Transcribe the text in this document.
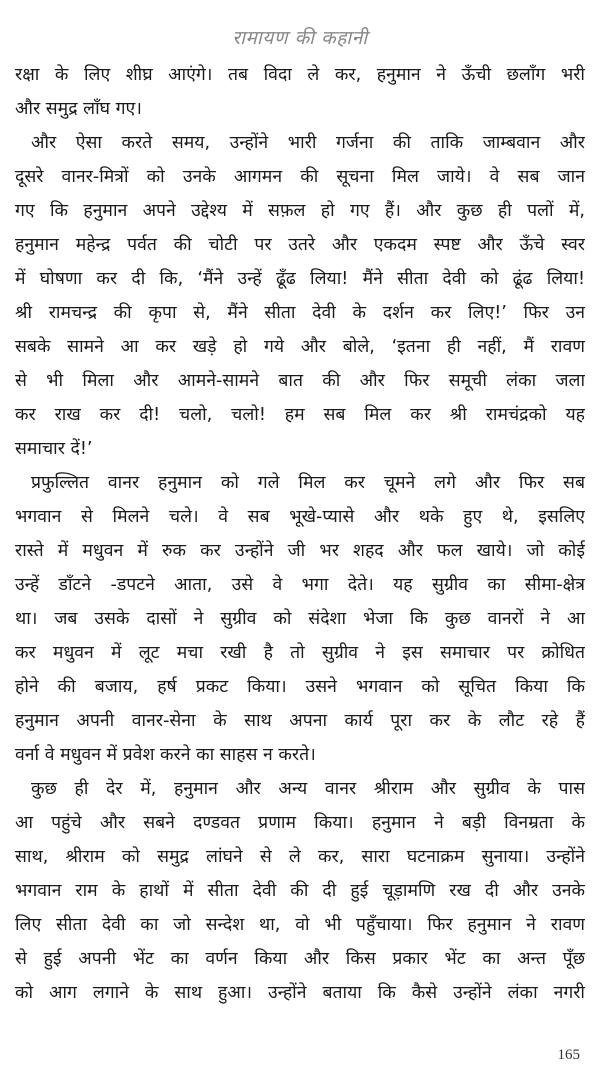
रामायण की कहानी
रक्षा के लिए शीघ्र आएंगे। तब विदा ले कर, हनुमान ने ऊँची छलाँग भरी
और समुद्र लाँघ गए।
और ऐसा करते समय, उन्होंने भारी गर्जना की ताकि जाम्बवान और
दूसरे वानर-मित्रों को उनके आगमन की सूचना मिल जाये। वे सब जान
गए कि हनुमान अपने उद्देश्य में सफ़ल हो गए हैं। और कुछ ही पलों में,
हनुमान महेन्द्र पर्वत की चोटी पर उतरे और एकदम स्पष्ट और ऊँचे स्वर
में घोषणा कर दी कि, ‘मैंने उन्हें ढूँढ लिया! मैंने सीता देवी को ढूंढ लिया!
श्री रामचन्द्र की कृपा से, मैंने सीता देवी के दर्शन कर लिए!’ फिर उन
सबके सामने आ कर खड़े हो गये और बोले, ‘इतना ही नहीं, मैं रावण
से भी मिला और आमने-सामने बात की और फिर समूची लंका जला
कर राख कर दी! चलो, चलो! हम सब मिल कर श्री रामचंद्रको यह
समाचार दें!’
प्रफुल्लित वानर हनुमान को गले मिल कर चूमने लगे और फिर सब
भगवान से मिलने चले। वे सब भूखे-प्यासे और थके हुए थे, इसलिए
रास्ते में मधुवन में रुक कर उन्होंने जी भर शहद और फल खाये। जो कोई
उन्हें डाँटने -डपटने आता, उसे वे भगा देते। यह सुग्रीव का सीमा-क्षेत्र
था। जब उसके दासों ने सुग्रीव को संदेशा भेजा कि कुछ वानरों ने आ
कर मधुवन में लूट मचा रखी है तो सुग्रीव ने इस समाचार पर क्रोधित
होने की बजाय, हर्ष प्रकट किया। उसने भगवान को सूचित किया कि
हनुमान अपनी वानर-सेना के साथ अपना कार्य पूरा कर के लौट रहे हैं
वर्ना वे मधुवन में प्रवेश करने का साहस न करते।
कुछ ही देर में, हनुमान और अन्य वानर श्रीराम और सुग्रीव के पास
आ पहुंचे और सबने दण्डवत प्रणाम किया। हनुमान ने बड़ी विनम्रता के
साथ, श्रीराम को समुद्र लांघने से ले कर, सारा घटनाक्रम सुनाया। उन्होंने
भगवान राम के हाथों में सीता देवी की दी हुई चूड़ामणि रख दी और उनके
लिए सीता देवी का जो सन्देश था, वो भी पहुँचाया। फिर हनुमान ने रावण
से हुई अपनी भेंट का वर्णन किया और किस प्रकार भेंट का अन्त पूँछ
को आग लगाने के साथ हुआ। उन्होंने बताया कि कैसे उन्होंने लंका नगरी
165
